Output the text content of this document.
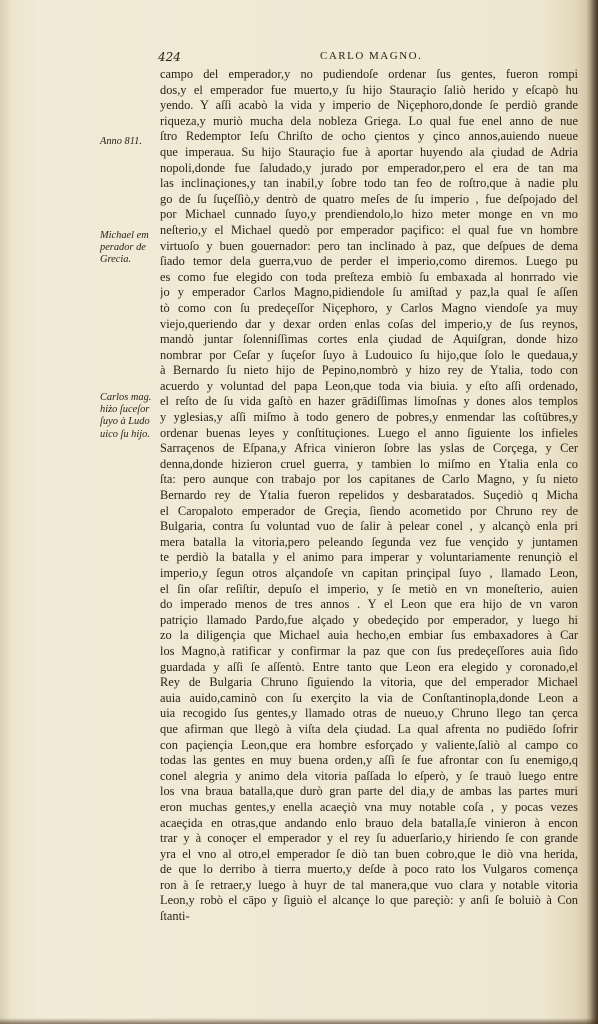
424	CARLO MAGNO.
Anno 811.
Michael em
perador de
Grecia.
Carlos mag.
hiżo ſuceſor
ſuyo à Ludo
uico ſu hijo.
campo del emperador,y no pudiendoſe ordenar ſus gentes, fueron rompi
dos,y el emperador fue muerto,y ſu hijo Stauraçio ſaliò herido y eſcapò hu
yendo. Y aſſi acabò la vida y imperio de Niçephoro,donde ſe perdiò grande
riqueza,y muriò mucha dela nobleza Griega. Lo qual fue enel anno de nue
ſtro Redemptor Ieſu Chriſto de ocho çientos y çinco annos,auiendo nueue
que imperaua. Su hijo Stauraçio fue à aportar huyendo ala çiudad de Adria
nopoli,donde fue ſaludado,y jurado por emperador,pero el era de tan ma
las inclinaçiones,y tan inabil,y ſobre todo tan feo de roſtro,que à nadie plu
go de ſu ſuçeſſiò,y dentrò de quatro meſes de ſu imperio , fue deſpojado del
por Michael cunnado ſuyo,y prendiendolo,lo hizo meter monge en vn mo
neſterio,y el Michael quedò por emperador paçifico: el qual fue vn hombre
virtuoſo y buen gouernador: pero tan inclinado à paz, que deſpues de dema
ſiado temor dela guerra,vuo de perder el imperio,como diremos. Luego pu
es como fue elegido con toda preſteza embiò ſu embaxada al honrrado vie
jo y emperador Carlos Magno,pidiendole ſu amiſtad y paz,la qual ſe aſſen
tò como con ſu predeçeſſor Niçephoro, y Carlos Magno viendoſe ya muy
viejo,queriendo dar y dexar orden enlas coſas del imperio,y de ſus reynos,
mandò juntar ſolenniſſimas cortes enla çiudad de Aquiſgran, donde hizo
nombrar por Ceſar y ſuçeſor ſuyo à Ludouico ſu hijo,que ſolo le quedaua,y
à Bernardo ſu nieto hijo de Pepino,nombrò y hizo rey de Ytalia, todo con
acuerdo y voluntad del papa Leon,que toda via biuia. y eſto aſſi ordenado,
el reſto de ſu vida gaſtò en hazer grādiſſimas limoſnas y dones alos templos
y yglesias,y aſſi miſmo à todo genero de pobres,y enmendar las coſtūbres,y
ordenar buenas leyes y conſtituçiones. Luego el anno ſiguiente los infieles
Sarraçenos de Eſpana,y Africa vinieron ſobre las yslas de Corçega, y Cer
denna,donde hizieron cruel guerra, y tambien lo miſmo en Ytalia enla co
ſta: pero aunque con trabajo por los capitanes de Carlo Magno, y ſu nieto
Bernardo rey de Ytalia fueron repelidos y desbaratados. Suçediò q Micha
el Caropaloto emperador de Greçia, ſiendo acometido por Chruno rey de
Bulgaria, contra ſu voluntad vuo de ſalir à pelear conel , y alcançò enla pri
mera batalla la vitoria,pero peleando ſegunda vez fue vençido y juntamen
te perdiò la batalla y el animo para imperar y voluntariamente renunçiò el
imperio,y ſegun otros alçandoſe vn capitan prinçipal ſuyo , llamado Leon,
el ſin oſar reſiſtir, depuſo el imperio, y ſe metiò en vn moneſterio, auien
do imperado menos de tres annos . Y el Leon que era hijo de vn varon
patriçio llamado Pardo,fue alçado y obedeçido por emperador, y luego hi
zo la diligençia que Michael auia hecho,en embiar ſus embaxadores à Car
los Magno,à ratificar y confirmar la paz que con ſus predeçeſſores auia ſido
guardada y aſſi ſe aſſentò. Entre tanto que Leon era elegido y coronado,el
Rey de Bulgaria Chruno ſiguiendo la vitoria, que del emperador Michael
auia auido,caminò con ſu exerçito la via de Conſtantinopla,donde Leon a
uia recogido ſus gentes,y llamado otras de nueuo,y Chruno llego tan çerca
que afirman que llegò à viſta dela çiudad. La qual afrenta no pudiēdo ſofrir
con paçiençia Leon,que era hombre esforçado y valiente,ſaliò al campo co
todas las gentes en muy buena orden,y aſſi ſe fue afrontar con ſu enemigo,q
conel alegria y animo dela vitoria paſſada lo eſperò, y ſe trauò luego entre
los vna braua batalla,que durò gran parte del dia,y de ambas las partes muri
eron muchas gentes,y enella acaeçiò vna muy notable coſa , y pocas vezes
acaeçida en otras,que andando enlo brauo dela batalla,ſe vinieron à encon
trar y à conoçer el emperador y el rey ſu aduerſario,y hiriendo ſe con grande
yra el vno al otro,el emperador ſe diò tan buen cobro,que le diò vna herida,
de que lo derribo à tierra muerto,y deſde à poco rato los Vulgaros comença
ron à ſe retraer,y luego à huyr de tal manera,que vuo clara y notable vitoria
Leon,y robò el cāpo y ſiguiò el alcançe lo que pareçiò: y anſi ſe boluiò à Con
ſtanti-
